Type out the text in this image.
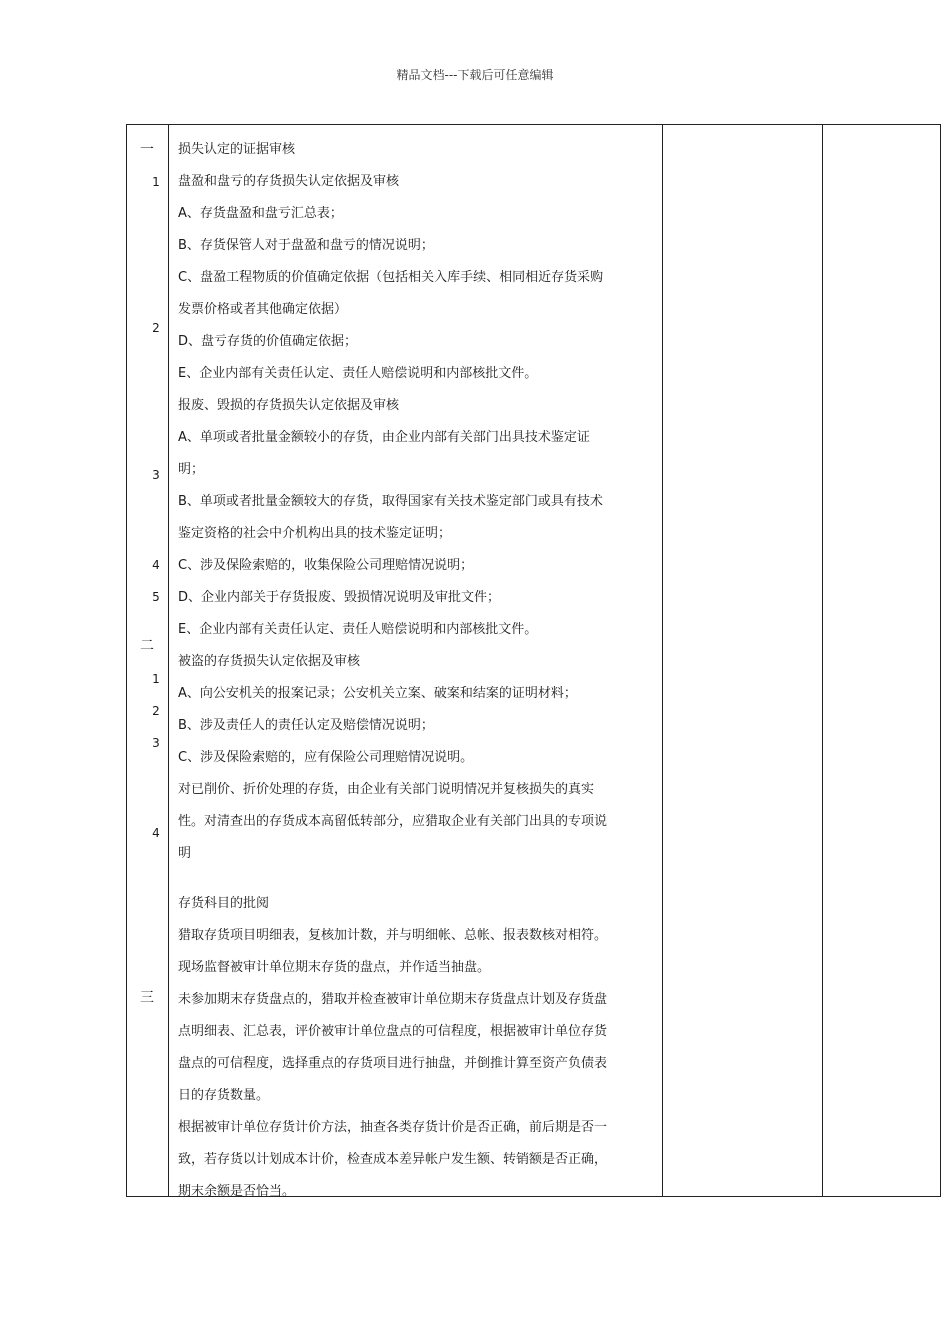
精品文档---下载后可任意编辑
一
1
2
3
4
5
二
1
2
3
4
三
损失认定的证据审核
盘盈和盘亏的存货损失认定依据及审核
A、存货盘盈和盘亏汇总表；
B、存货保管人对于盘盈和盘亏的情况说明；
C、盘盈工程物质的价值确定依据（包括相关入库手续、相同相近存货采购
发票价格或者其他确定依据）
D、盘亏存货的价值确定依据；
E、企业内部有关责任认定、责任人赔偿说明和内部核批文件。
报废、毁损的存货损失认定依据及审核
A、单项或者批量金额较小的存货，由企业内部有关部门出具技术鉴定证
明；
B、单项或者批量金额较大的存货，取得国家有关技术鉴定部门或具有技术
鉴定资格的社会中介机构出具的技术鉴定证明；
C、涉及保险索赔的，收集保险公司理赔情况说明；
D、企业内部关于存货报废、毁损情况说明及审批文件；
E、企业内部有关责任认定、责任人赔偿说明和内部核批文件。
被盗的存货损失认定依据及审核
A、向公安机关的报案记录；公安机关立案、破案和结案的证明材料；
B、涉及责任人的责任认定及赔偿情况说明；
C、涉及保险索赔的，应有保险公司理赔情况说明。
对已削价、折价处理的存货，由企业有关部门说明情况并复核损失的真实
性。对清查出的存货成本高留低转部分，应猎取企业有关部门出具的专项说
明
存货科目的批阅
猎取存货项目明细表，复核加计数，并与明细帐、总帐、报表数核对相符。
现场监督被审计单位期末存货的盘点，并作适当抽盘。
未参加期末存货盘点的，猎取并检查被审计单位期末存货盘点计划及存货盘
点明细表、汇总表，评价被审计单位盘点的可信程度，根据被审计单位存货
盘点的可信程度，选择重点的存货项目进行抽盘，并倒推计算至资产负债表
日的存货数量。
根据被审计单位存货计价方法，抽查各类存货计价是否正确，前后期是否一
致，若存货以计划成本计价，检查成本差异帐户发生额、转销额是否正确，
期末余额是否恰当。
